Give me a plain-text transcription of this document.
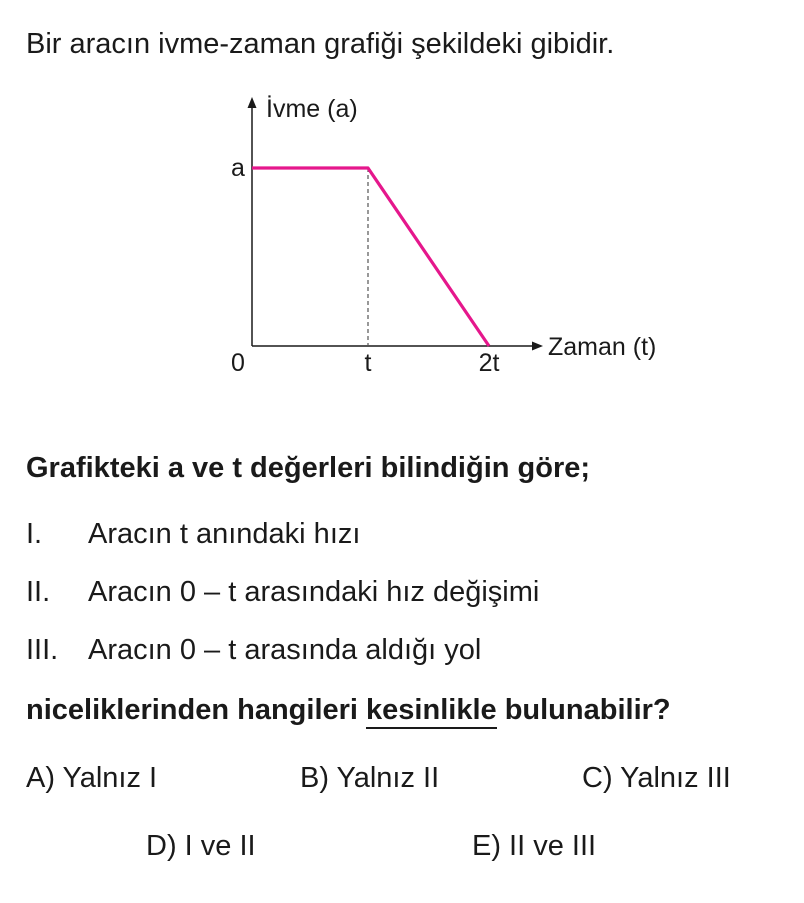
Bir aracın ivme-zaman grafiği şekildeki gibidir.
İvme (a)
a
0	t	2t
Zaman (t)
Grafikteki a ve t değerleri bilindiğin göre;
I. Aracın t anındaki hızı
II. Aracın 0 – t arasındaki hız değişimi
III. Aracın 0 – t arasında aldığı yol
niceliklerinden hangileri kesinlikle bulunabilir?
A) Yalnız I	B) Yalnız II	C) Yalnız III
D) I ve II	E) II ve III
